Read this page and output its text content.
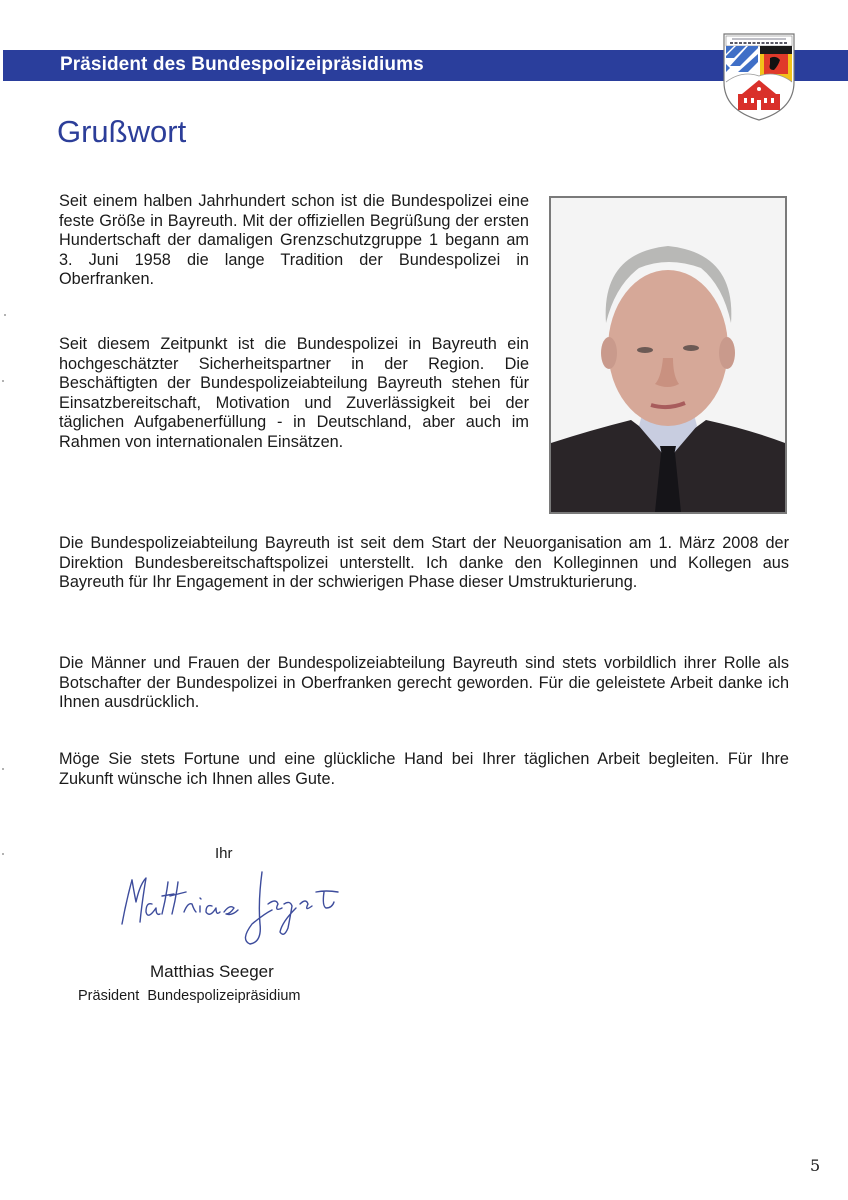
Präsident des Bundespolizeipräsidiums
Grußwort

Seit einem halben Jahrhundert schon ist die Bundespolizei eine feste Größe in Bayreuth. Mit der offiziellen Begrüßung der ersten Hundertschaft der damaligen Grenzschutzgruppe 1 begann am 3. Juni 1958 die lange Tradition der Bundespolizei in Oberfranken.

Seit diesem Zeitpunkt ist die Bundespolizei in Bayreuth ein hochgeschätzter Sicherheitspartner in der Region. Die Beschäftigten der Bundespolizeiabteilung Bayreuth stehen für Einsatzbereitschaft, Motivation und Zuverlässigkeit bei der täglichen Aufgabenerfüllung - in Deutschland, aber auch im Rahmen von internationalen Einsätzen.

Die Bundespolizeiabteilung Bayreuth ist seit dem Start der Neuorganisation am 1. März 2008 der Direktion Bundesbereitschaftspolizei unterstellt. Ich danke den Kolleginnen und Kollegen aus Bayreuth für Ihr Engagement in der schwierigen Phase dieser Umstrukturierung.

Die Männer und Frauen der Bundespolizeiabteilung Bayreuth sind stets vorbildlich ihrer Rolle als Botschafter der Bundespolizei in Oberfranken gerecht geworden. Für die geleistete Arbeit danke ich Ihnen ausdrücklich.

Möge Sie stets Fortune und eine glückliche Hand bei Ihrer täglichen Arbeit begleiten. Für Ihre Zukunft wünsche ich Ihnen alles Gute.

Ihr
Matthias Seeger
Präsident  Bundespolizeipräsidium
5
